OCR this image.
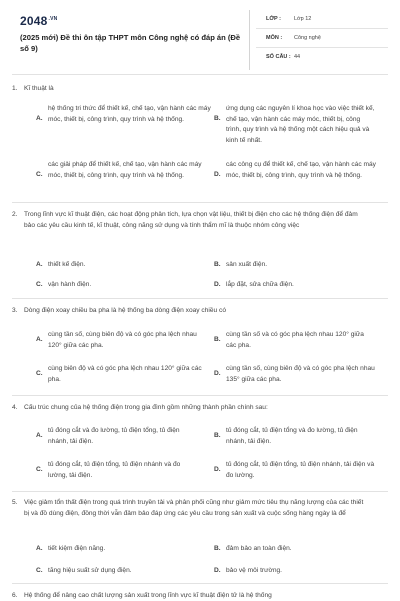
$2048^{.VN}$
(2025 mới) Đề thi ôn tập THPT môn Công nghệ có đáp án (Đề số 9)
LỚP : Lớp 12
MÔN : Công nghệ
SỐ CÂU : 44
1. Kĩ thuật là
A.
hệ thống tri thức để thiết kế, chế tạo, vận hành các máy móc, thiết bị, công trình, quy trình và hệ thống.	B.
ứng dụng các nguyên lí khoa học vào việc thiết kế, chế tạo, vận hành các máy móc, thiết bị, công trình, quy trình và hệ thống một cách hiệu quả và kinh tế nhất.
C.
các giải pháp để thiết kế, chế tạo, vận hành các máy móc, thiết bị, công trình, quy trình và hệ thống.	D.
các công cụ để thiết kế, chế tạo, vận hành các máy móc, thiết bị, công trình, quy trình và hệ thống.
2. Trong lĩnh vực kĩ thuật điện, các hoạt động phân tích, lựa chọn vật liệu, thiết bị điện cho các hệ thống điện để đảm bảo các yêu cầu kinh tế, kĩ thuật, công năng sử dụng và tính thẩm mĩ là thuộc nhóm công việc
A. thiết kế điện.	B. sản xuất điện.
C. vận hành điện.	D. lắp đặt, sửa chữa điện.
3. Dòng điện xoay chiều ba pha là hệ thống ba dòng điện xoay chiều có
A.
cùng tần số, cùng biên độ và có góc pha lệch nhau 120° giữa các pha.
B.
cùng tần số và có góc pha lệch nhau 120° giữa các pha.
C.
cùng biên độ và có góc pha lệch nhau 120° giữa các pha.
D.
cùng tần số, cùng biên độ và có góc pha lệch nhau 135° giữa các pha.
4. Cấu trúc chung của hệ thống điện trong gia đình gồm những thành phần chính sau:
A.
tủ đóng cắt và đo lường, tủ điện tổng, tủ điện nhánh, tải điện.
B.
tủ đóng cắt, tủ điện tổng và đo lường, tủ điện nhánh, tải điện.
C.
tủ đóng cắt, tủ điện tổng, tủ điện nhánh và đo lường, tải điện.
D.
tủ đóng cắt, tủ điện tổng, tủ điện nhánh, tải điện và đo lường.
5. Việc giảm tổn thất điện trong quá trình truyền tải và phân phối cũng như giảm mức tiêu thụ năng lượng của các thiết bị và đồ dùng điện, đồng thời vẫn đảm bảo đáp ứng các yêu cầu trong sản xuất và cuộc sống hàng ngày là để
A. tiết kiệm điện năng.	B. đảm bảo an toàn điện.
C. tăng hiệu suất sử dụng điện.	D. bảo vệ môi trường.
6. Hệ thống để nâng cao chất lượng sản xuất trong lĩnh vực kĩ thuật điện tử là hệ thống
